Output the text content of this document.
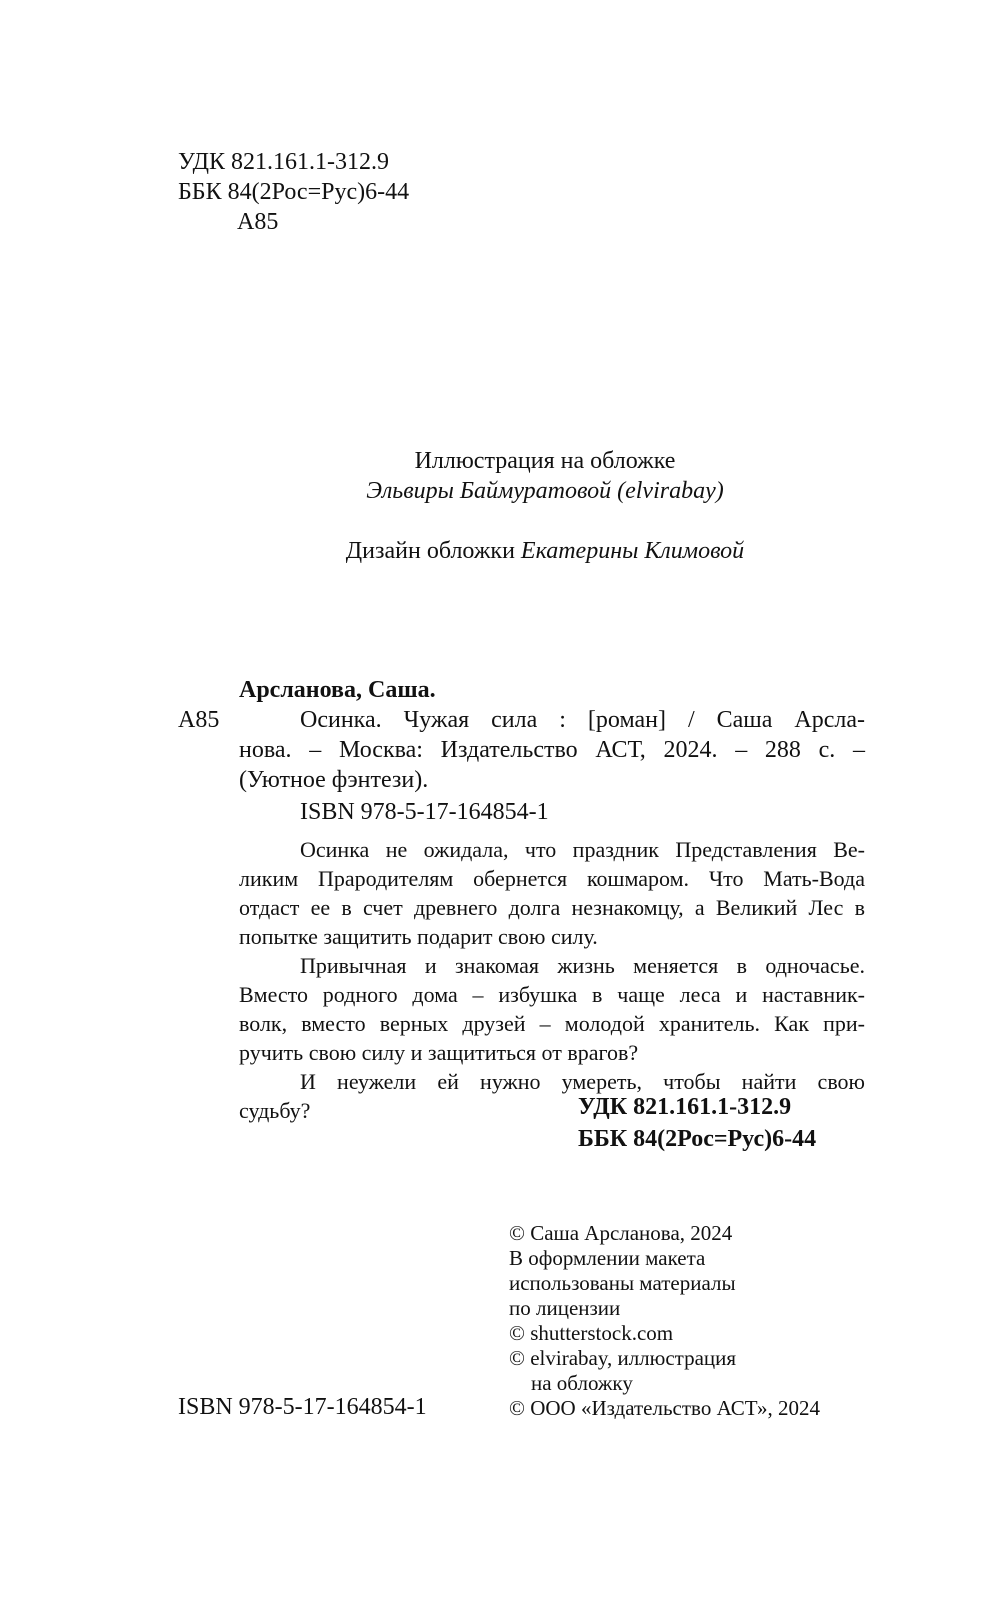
УДК 821.161.1-312.9
ББК 84(2Рос=Рус)6-44
А85
Иллюстрация на обложке
Эльвиры Баймуратовой (elvirabay)
Дизайн обложки Екатерины Климовой
Арсланова, Саша.
А85	Осинка. Чужая сила : [роман] / Саша Арсла-
нова. – Москва: Издательство АСТ, 2024. – 288 с. –
(Уютное фэнтези).
ISBN 978-5-17-164854-1
Осинка не ожидала, что праздник Представления Ве-
ликим Прародителям обернется кошмаром. Что Мать-Вода
отдаст ее в счет древнего долга незнакомцу, а Великий Лес в
попытке защитить подарит свою силу.
Привычная и знакомая жизнь меняется в одночасье.
Вместо родного дома – избушка в чаще леса и наставник-
волк, вместо верных друзей – молодой хранитель. Как при-
ручить свою силу и защититься от врагов?
И неужели ей нужно умереть, чтобы найти свою
судьбу?	УДК 821.161.1-312.9
ББК 84(2Рос=Рус)6-44
© Саша Арсланова, 2024
В оформлении макета
использованы материалы
по лицензии
© shutterstock.com
© elvirabay, иллюстрация
на обложку
© ООО «Издательство АСТ», 2024
ISBN 978-5-17-164854-1
